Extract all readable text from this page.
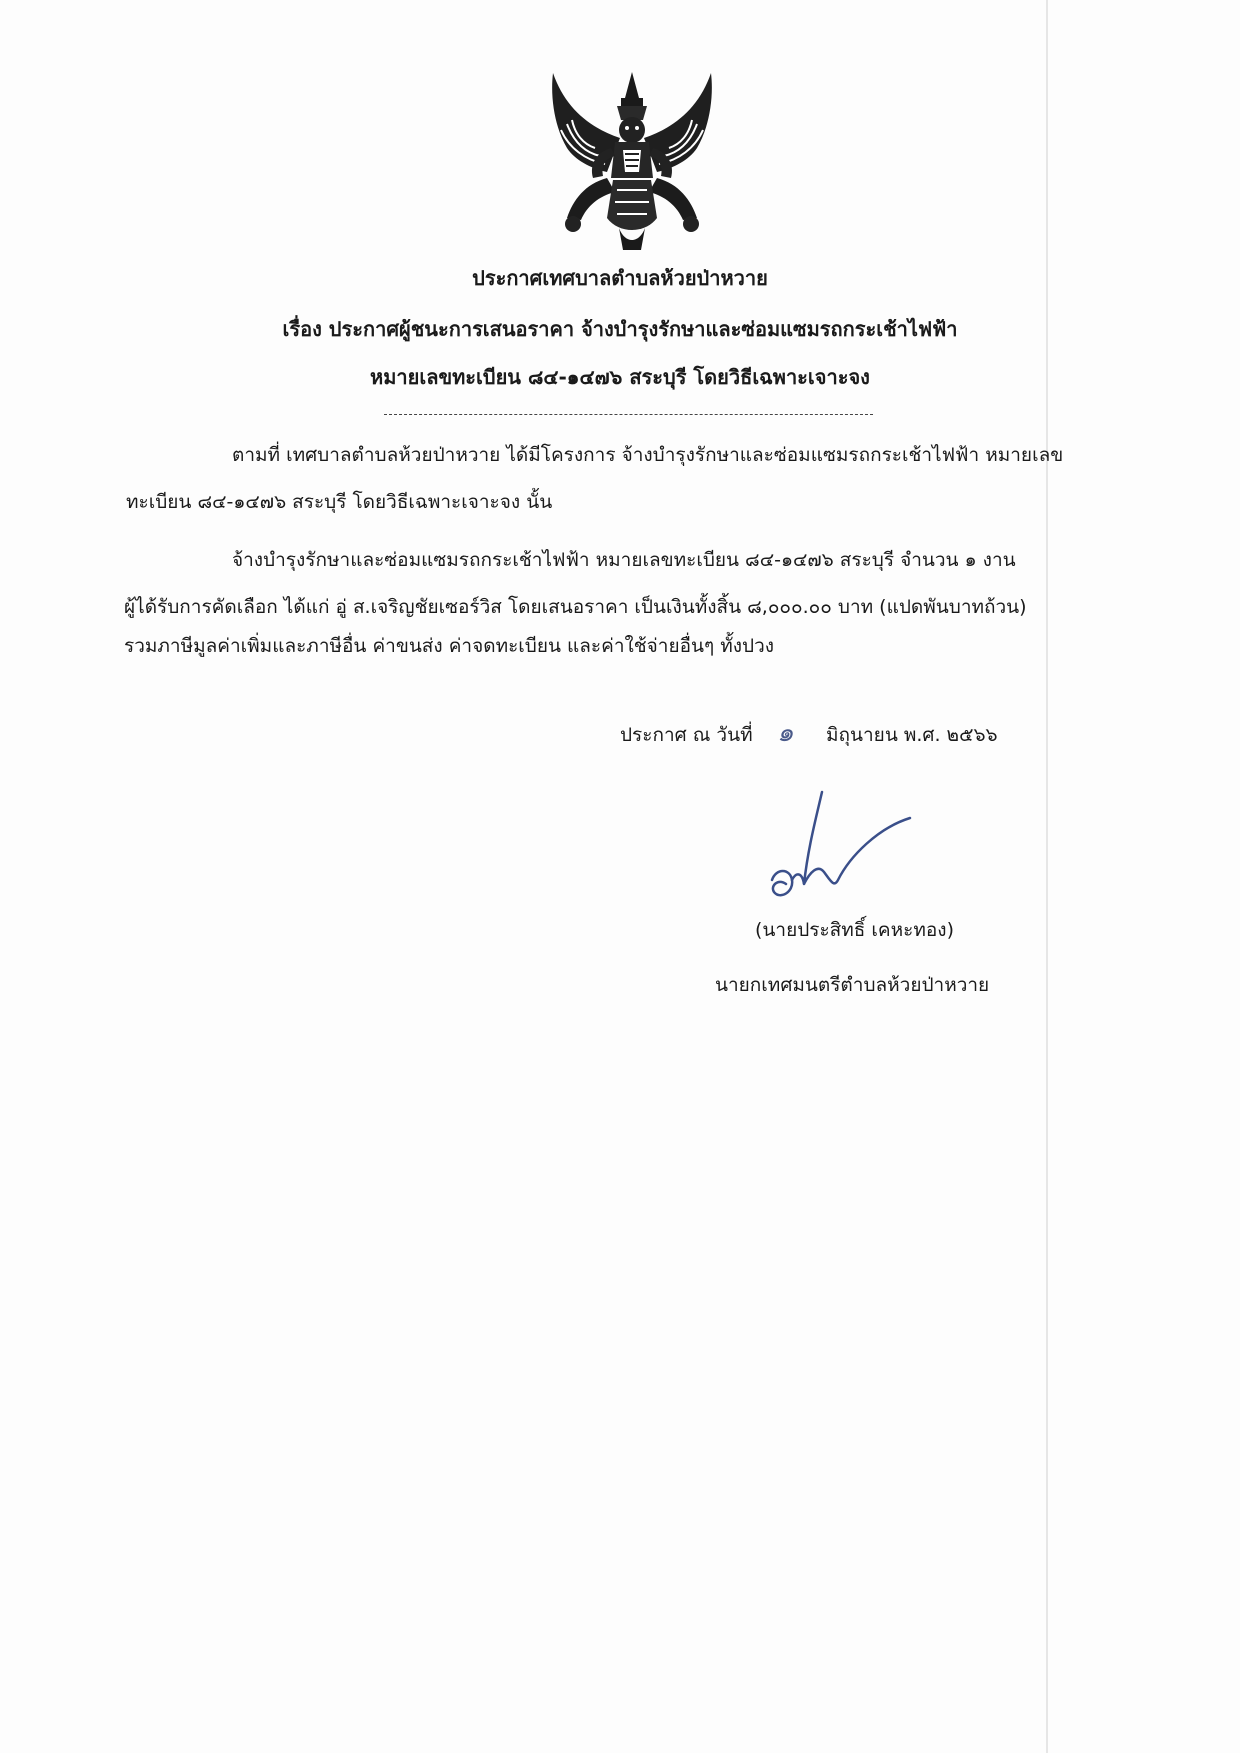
ประกาศเทศบาลตำบลห้วยป่าหวาย
เรื่อง ประกาศผู้ชนะการเสนอราคา จ้างบำรุงรักษาและซ่อมแซมรถกระเช้าไฟฟ้า
หมายเลขทะเบียน ๘๔-๑๔๗๖ สระบุรี โดยวิธีเฉพาะเจาะจง
ตามที่ เทศบาลตำบลห้วยป่าหวาย ได้มีโครงการ จ้างบำรุงรักษาและซ่อมแซมรถกระเช้าไฟฟ้า หมายเลข
ทะเบียน ๘๔-๑๔๗๖ สระบุรี โดยวิธีเฉพาะเจาะจง นั้น
จ้างบำรุงรักษาและซ่อมแซมรถกระเช้าไฟฟ้า หมายเลขทะเบียน ๘๔-๑๔๗๖ สระบุรี จำนวน ๑ งาน
ผู้ได้รับการคัดเลือก ได้แก่ อู่ ส.เจริญชัยเซอร์วิส โดยเสนอราคา เป็นเงินทั้งสิ้น ๘,๐๐๐.๐๐ บาท (แปดพันบาทถ้วน)
รวมภาษีมูลค่าเพิ่มและภาษีอื่น ค่าขนส่ง ค่าจดทะเบียน และค่าใช้จ่ายอื่นๆ ทั้งปวง
ประกาศ ณ วันที่ ๑ มิถุนายน พ.ศ. ๒๕๖๖
(นายประสิทธิ์ เคหะทอง)
นายกเทศมนตรีตำบลห้วยป่าหวาย
